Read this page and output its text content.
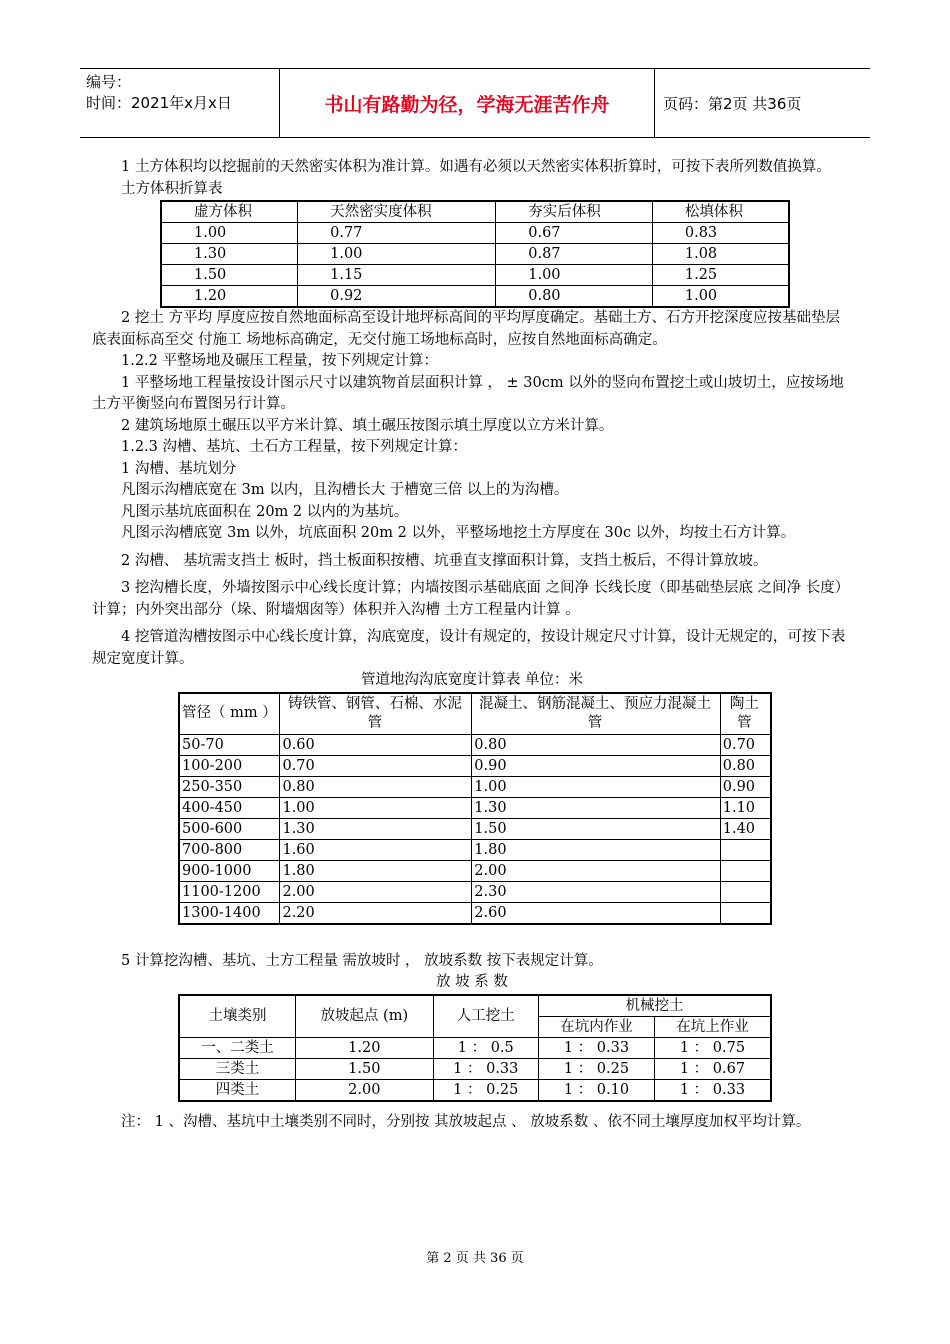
编号：
时间：2021年x月x日	书山有路勤为径，学海无涯苦作舟	页码：第2页 共36页

1 土方体积均以挖掘前的天然密实体积为准计算。如遇有必须以天然密实体积折算时，可按下表所列数值换算。

土方体积折算表

虚方体积	天然密实度体积	夯实后体积	松填体积
1.00	0.77	0.67	0.83
1.30	1.00	0.87	1.08
1.50	1.15	1.00	1.25
1.20	0.92	0.80	1.00

2 挖土 方平均 厚度应按自然地面标高至设计地坪标高间的平均厚度确定。基础土方、石方开挖深度应按基础垫层底表面标高至交 付施工 场地标高确定，无交付施工场地标高时，应按自然地面标高确定。

1.2.2 平整场地及碾压工程量，按下列规定计算：

1 平整场地工程量按设计图示尺寸以建筑物首层面积计算 ， ± 30cm 以外的竖向布置挖土或山坡切土，应按场地土方平衡竖向布置图另行计算。

2 建筑场地原土碾压以平方米计算、填土碾压按图示填土厚度以立方米计算。

1.2.3 沟槽、基坑、土石方工程量，按下列规定计算：

1 沟槽、基坑划分

凡图示沟槽底宽在 3m 以内，且沟槽长大 于槽宽三倍 以上的为沟槽。

凡图示基坑底面积在 20m 2 以内的为基坑。

凡图示沟槽底宽 3m 以外，坑底面积 20m 2 以外，平整场地挖土方厚度在 30c 以外，均按土石方计算。

2 沟槽、 基坑需支挡土 板时，挡土板面积按槽、坑垂直支撑面积计算，支挡土板后，不得计算放坡。

3 挖沟槽长度，外墙按图示中心线长度计算；内墙按图示基础底面 之间净 长线长度（即基础垫层底 之间净 长度）计算；内外突出部分（垛、附墙烟囱等）体积并入沟槽 土方工程量内计算 。

4 挖管道沟槽按图示中心线长度计算，沟底宽度，设计有规定的，按设计规定尺寸计算，设计无规定的，可按下表规定宽度计算。

管道地沟沟底宽度计算表 单位：米

管径（ mm ）	铸铁管、钢管、石棉、水泥管	混凝土、钢筋混凝土、预应力混凝土管	陶土管
50-70	0.60	0.80	0.70
100-200	0.70	0.90	0.80
250-350	0.80	1.00	0.90
400-450	1.00	1.30	1.10
500-600	1.30	1.50	1.40
700-800	1.60	1.80	
900-1000	1.80	2.00	
1100-1200	2.00	2.30	
1300-1400	2.20	2.60	

5 计算挖沟槽、基坑、土方工程量 需放坡时 ， 放坡系数 按下表规定计算。

放 坡 系 数

土壤类别	放坡起点 (m)	人工挖土	机械挖土	
			在坑内作业	在坑上作业
一、二类土	1.20	1 ： 0.5	1 ： 0.33	1 ： 0.75
三类土	1.50	1 ： 0.33	1 ： 0.25	1 ： 0.67
四类土	2.00	1 ： 0.25	1 ： 0.10	1 ： 0.33

注： 1 、沟槽、基坑中土壤类别不同时，分别按 其放坡起点 、 放坡系数 、依不同土壤厚度加权平均计算。

第 2 页 共 36 页
